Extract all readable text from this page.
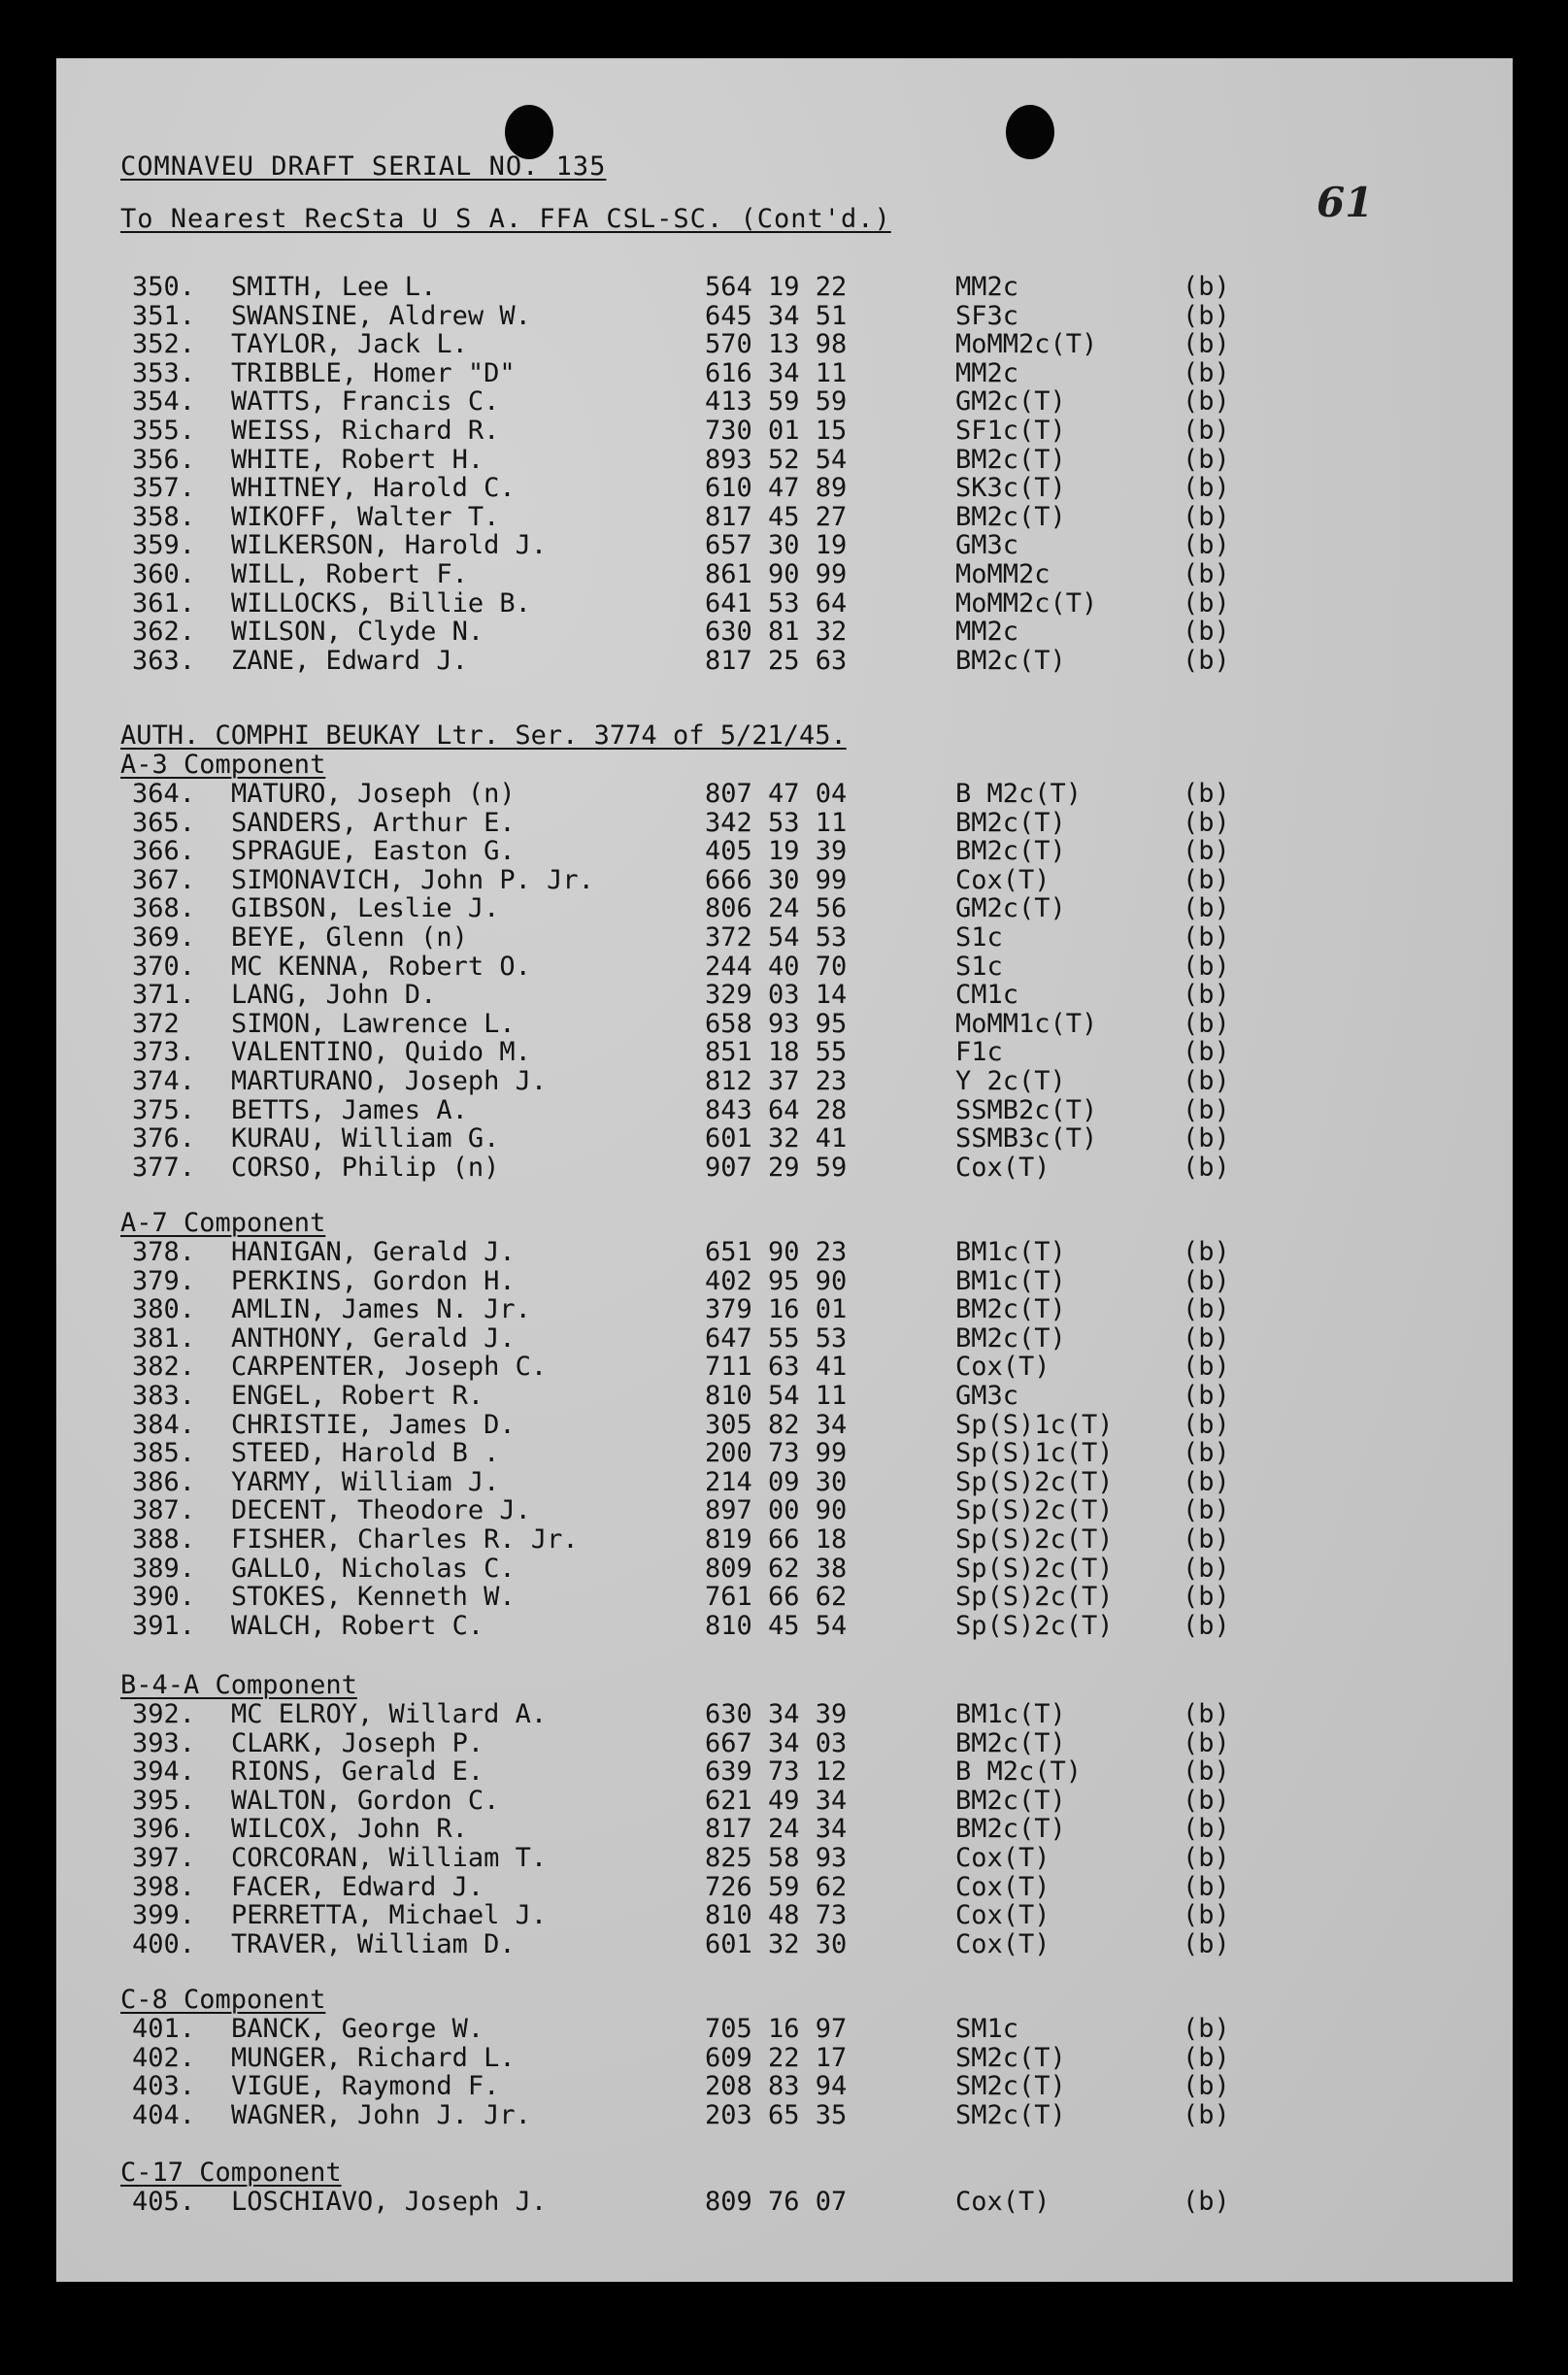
COMNAVEU DRAFT SERIAL NO. 135
To Nearest RecSta U S A. FFA CSL-SC. (Cont'd.)	61
350. SMITH, Lee L.	564 19 22	MM2c	(b)
351. SWANSINE, Aldrew W.	645 34 51	SF3c	(b)
352. TAYLOR, Jack L.	570 13 98	MoMM2c(T)	(b)
353. TRIBBLE, Homer "D"	616 34 11	MM2c	(b)
354. WATTS, Francis C.	413 59 59	GM2c(T)	(b)
355. WEISS, Richard R.	730 01 15	SF1c(T)	(b)
356. WHITE, Robert H.	893 52 54	BM2c(T)	(b)
357. WHITNEY, Harold C.	610 47 89	SK3c(T)	(b)
358. WIKOFF, Walter T.	817 45 27	BM2c(T)	(b)
359. WILKERSON, Harold J.	657 30 19	GM3c	(b)
360. WILL, Robert F.	861 90 99	MoMM2c	(b)
361. WILLOCKS, Billie B.	641 53 64	MoMM2c(T)	(b)
362. WILSON, Clyde N.	630 81 32	MM2c	(b)
363. ZANE, Edward J.	817 25 63	BM2c(T)	(b)
AUTH. COMPHI BEUKAY Ltr. Ser. 3774 of 5/21/45.
A-3 Component
364. MATURO, Joseph (n)	807 47 04	B M2c(T)	(b)
365. SANDERS, Arthur E.	342 53 11	BM2c(T)	(b)
366. SPRAGUE, Easton G.	405 19 39	BM2c(T)	(b)
367. SIMONAVICH, John P. Jr.	666 30 99	Cox(T)	(b)
368. GIBSON, Leslie J.	806 24 56	GM2c(T)	(b)
369. BEYE, Glenn (n)	372 54 53	S1c	(b)
370. MC KENNA, Robert O.	244 40 70	S1c	(b)
371. LANG, John D.	329 03 14	CM1c	(b)
372 SIMON, Lawrence L.	658 93 95	MoMM1c(T)	(b)
373. VALENTINO, Quido M.	851 18 55	F1c	(b)
374. MARTURANO, Joseph J.	812 37 23	Y 2c(T)	(b)
375. BETTS, James A.	843 64 28	SSMB2c(T)	(b)
376. KURAU, William G.	601 32 41	SSMB3c(T)	(b)
377. CORSO, Philip (n)	907 29 59	Cox(T)	(b)
A-7 Component
378. HANIGAN, Gerald J.	651 90 23	BM1c(T)	(b)
379. PERKINS, Gordon H.	402 95 90	BM1c(T)	(b)
380. AMLIN, James N. Jr.	379 16 01	BM2c(T)	(b)
381. ANTHONY, Gerald J.	647 55 53	BM2c(T)	(b)
382. CARPENTER, Joseph C.	711 63 41	Cox(T)	(b)
383. ENGEL, Robert R.	810 54 11	GM3c	(b)
384. CHRISTIE, James D.	305 82 34	Sp(S)1c(T)	(b)
385. STEED, Harold B .	200 73 99	Sp(S)1c(T)	(b)
386. YARMY, William J.	214 09 30	Sp(S)2c(T)	(b)
387. DECENT, Theodore J.	897 00 90	Sp(S)2c(T)	(b)
388. FISHER, Charles R. Jr.	819 66 18	Sp(S)2c(T)	(b)
389. GALLO, Nicholas C.	809 62 38	Sp(S)2c(T)	(b)
390. STOKES, Kenneth W.	761 66 62	Sp(S)2c(T)	(b)
391. WALCH, Robert C.	810 45 54	Sp(S)2c(T)	(b)
B-4-A Component
392. MC ELROY, Willard A.	630 34 39	BM1c(T)	(b)
393. CLARK, Joseph P.	667 34 03	BM2c(T)	(b)
394. RIONS, Gerald E.	639 73 12	B M2c(T)	(b)
395. WALTON, Gordon C.	621 49 34	BM2c(T)	(b)
396. WILCOX, John R.	817 24 34	BM2c(T)	(b)
397. CORCORAN, William T.	825 58 93	Cox(T)	(b)
398. FACER, Edward J.	726 59 62	Cox(T)	(b)
399. PERRETTA, Michael J.	810 48 73	Cox(T)	(b)
400. TRAVER, William D.	601 32 30	Cox(T)	(b)
C-8 Component
401. BANCK, George W.	705 16 97	SM1c	(b)
402. MUNGER, Richard L.	609 22 17	SM2c(T)	(b)
403. VIGUE, Raymond F.	208 83 94	SM2c(T)	(b)
404. WAGNER, John J. Jr.	203 65 35	SM2c(T)	(b)
C-17 Component
405. LOSCHIAVO, Joseph J.	809 76 07	Cox(T)	(b)
